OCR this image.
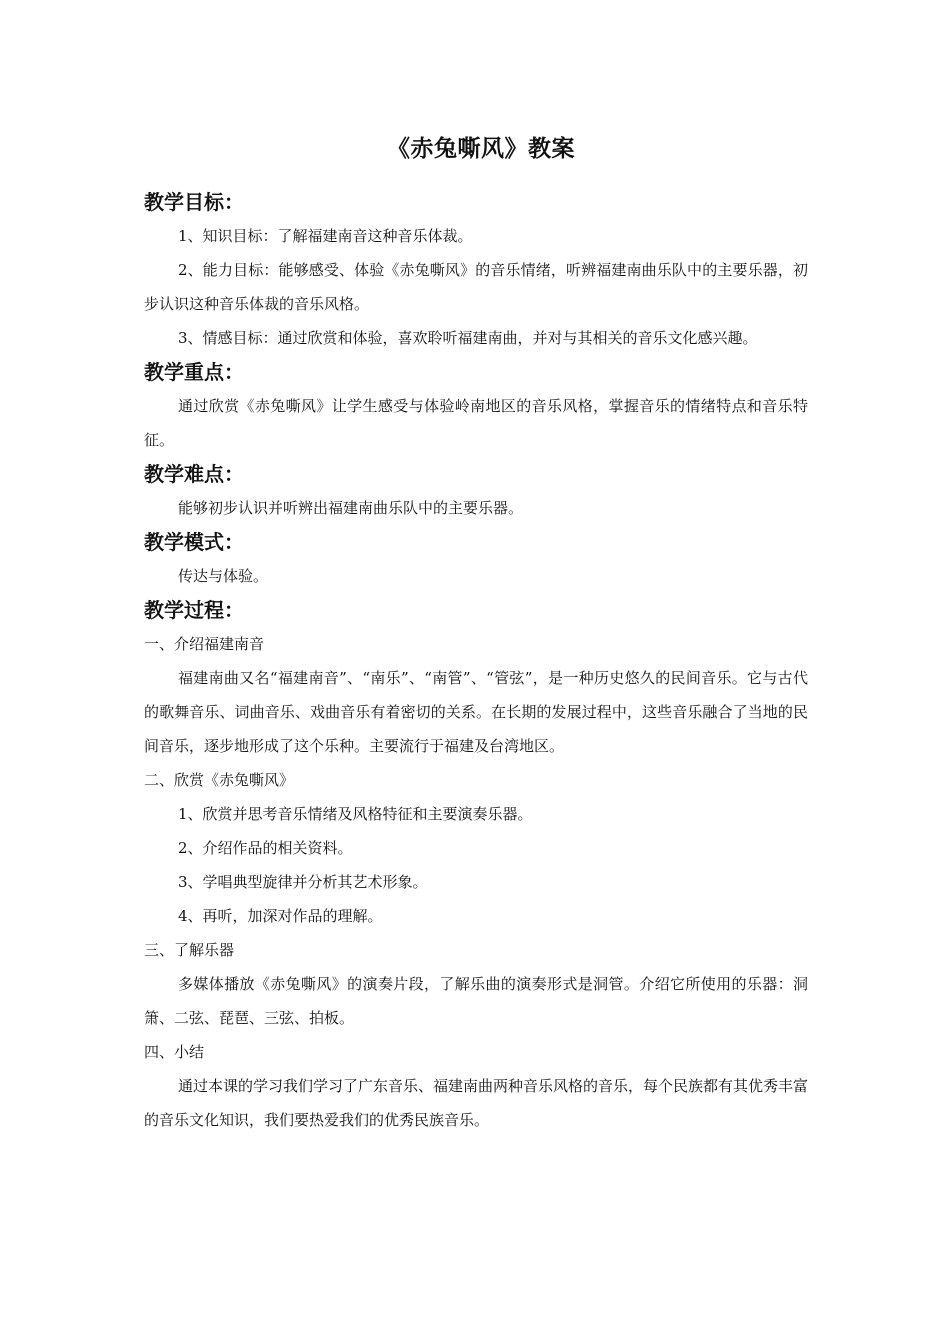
《赤兔嘶风》教案
教学目标：

1、知识目标：了解福建南音这种音乐体裁。

2、能力目标：能够感受、体验《赤兔嘶风》的音乐情绪，听辨福建南曲乐队中的主要乐器，初步认识这种音乐体裁的音乐风格。

3、情感目标：通过欣赏和体验，喜欢聆听福建南曲，并对与其相关的音乐文化感兴趣。

教学重点：

通过欣赏《赤兔嘶风》让学生感受与体验岭南地区的音乐风格，掌握音乐的情绪特点和音乐特征。

教学难点：

能够初步认识并听辨出福建南曲乐队中的主要乐器。

教学模式：

传达与体验。

教学过程：

一、介绍福建南音

福建南曲又名“福建南音”、“南乐”、“南管”、“管弦”，是一种历史悠久的民间音乐。它与古代的歌舞音乐、词曲音乐、戏曲音乐有着密切的关系。在长期的发展过程中，这些音乐融合了当地的民间音乐，逐步地形成了这个乐种。主要流行于福建及台湾地区。

二、欣赏《赤兔嘶风》

1、欣赏并思考音乐情绪及风格特征和主要演奏乐器。

2、介绍作品的相关资料。

3、学唱典型旋律并分析其艺术形象。

4、再听，加深对作品的理解。

三、了解乐器

多媒体播放《赤兔嘶风》的演奏片段，了解乐曲的演奏形式是洞管。介绍它所使用的乐器：洞箫、二弦、琵琶、三弦、拍板。

四、小结

通过本课的学习我们学习了广东音乐、福建南曲两种音乐风格的音乐，每个民族都有其优秀丰富的音乐文化知识，我们要热爱我们的优秀民族音乐。
